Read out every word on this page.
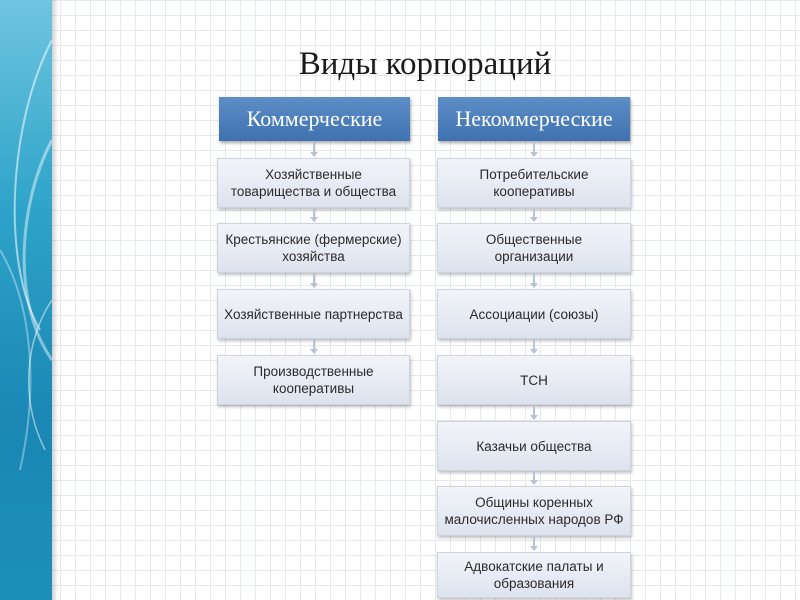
Виды корпораций
Коммерческие
Хозяйственные
товарищества и общества
Крестьянские (фермерские)
хозяйства
Хозяйственные партнерства
Производственные
кооперативы
Некоммерческие
Потребительские
кооперативы
Общественные
организации
Ассоциации (союзы)
ТСН
Казачьи общества
Общины коренных
малочисленных народов РФ
Адвокатские палаты и
образования
